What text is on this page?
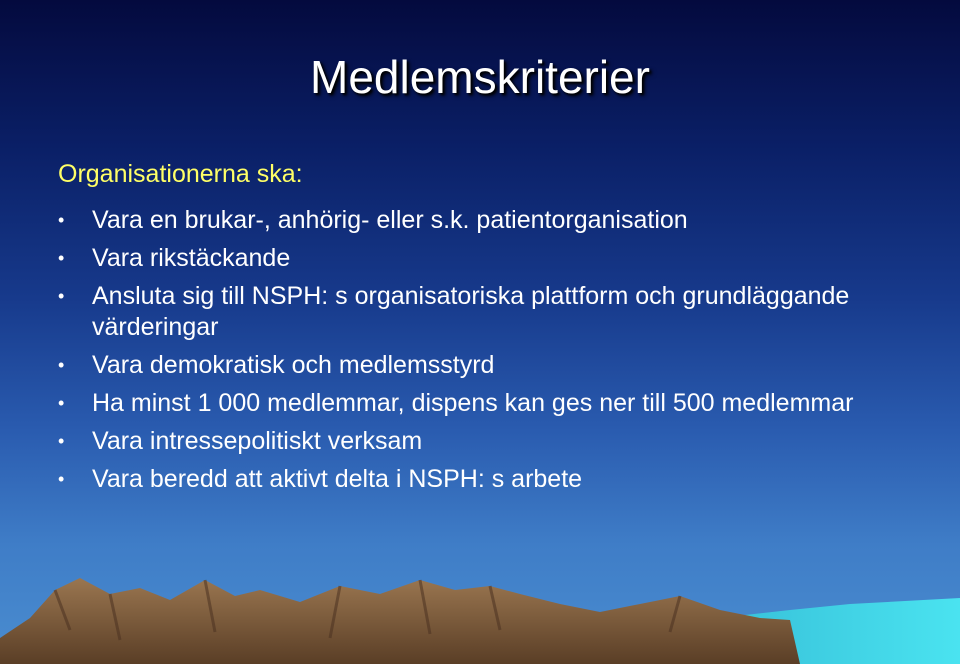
Medlemskriterier
Organisationerna ska:
•	Vara en brukar-, anhörig- eller s.k. patientorganisation
•	Vara rikstäckande
•	Ansluta sig till NSPH: s organisatoriska plattform och grundläggande värderingar
•	Vara demokratisk och medlemsstyrd
•	Ha minst 1 000 medlemmar, dispens kan ges ner till 500 medlemmar
•	Vara intressepolitiskt verksam
•	Vara beredd att aktivt delta i NSPH: s arbete
